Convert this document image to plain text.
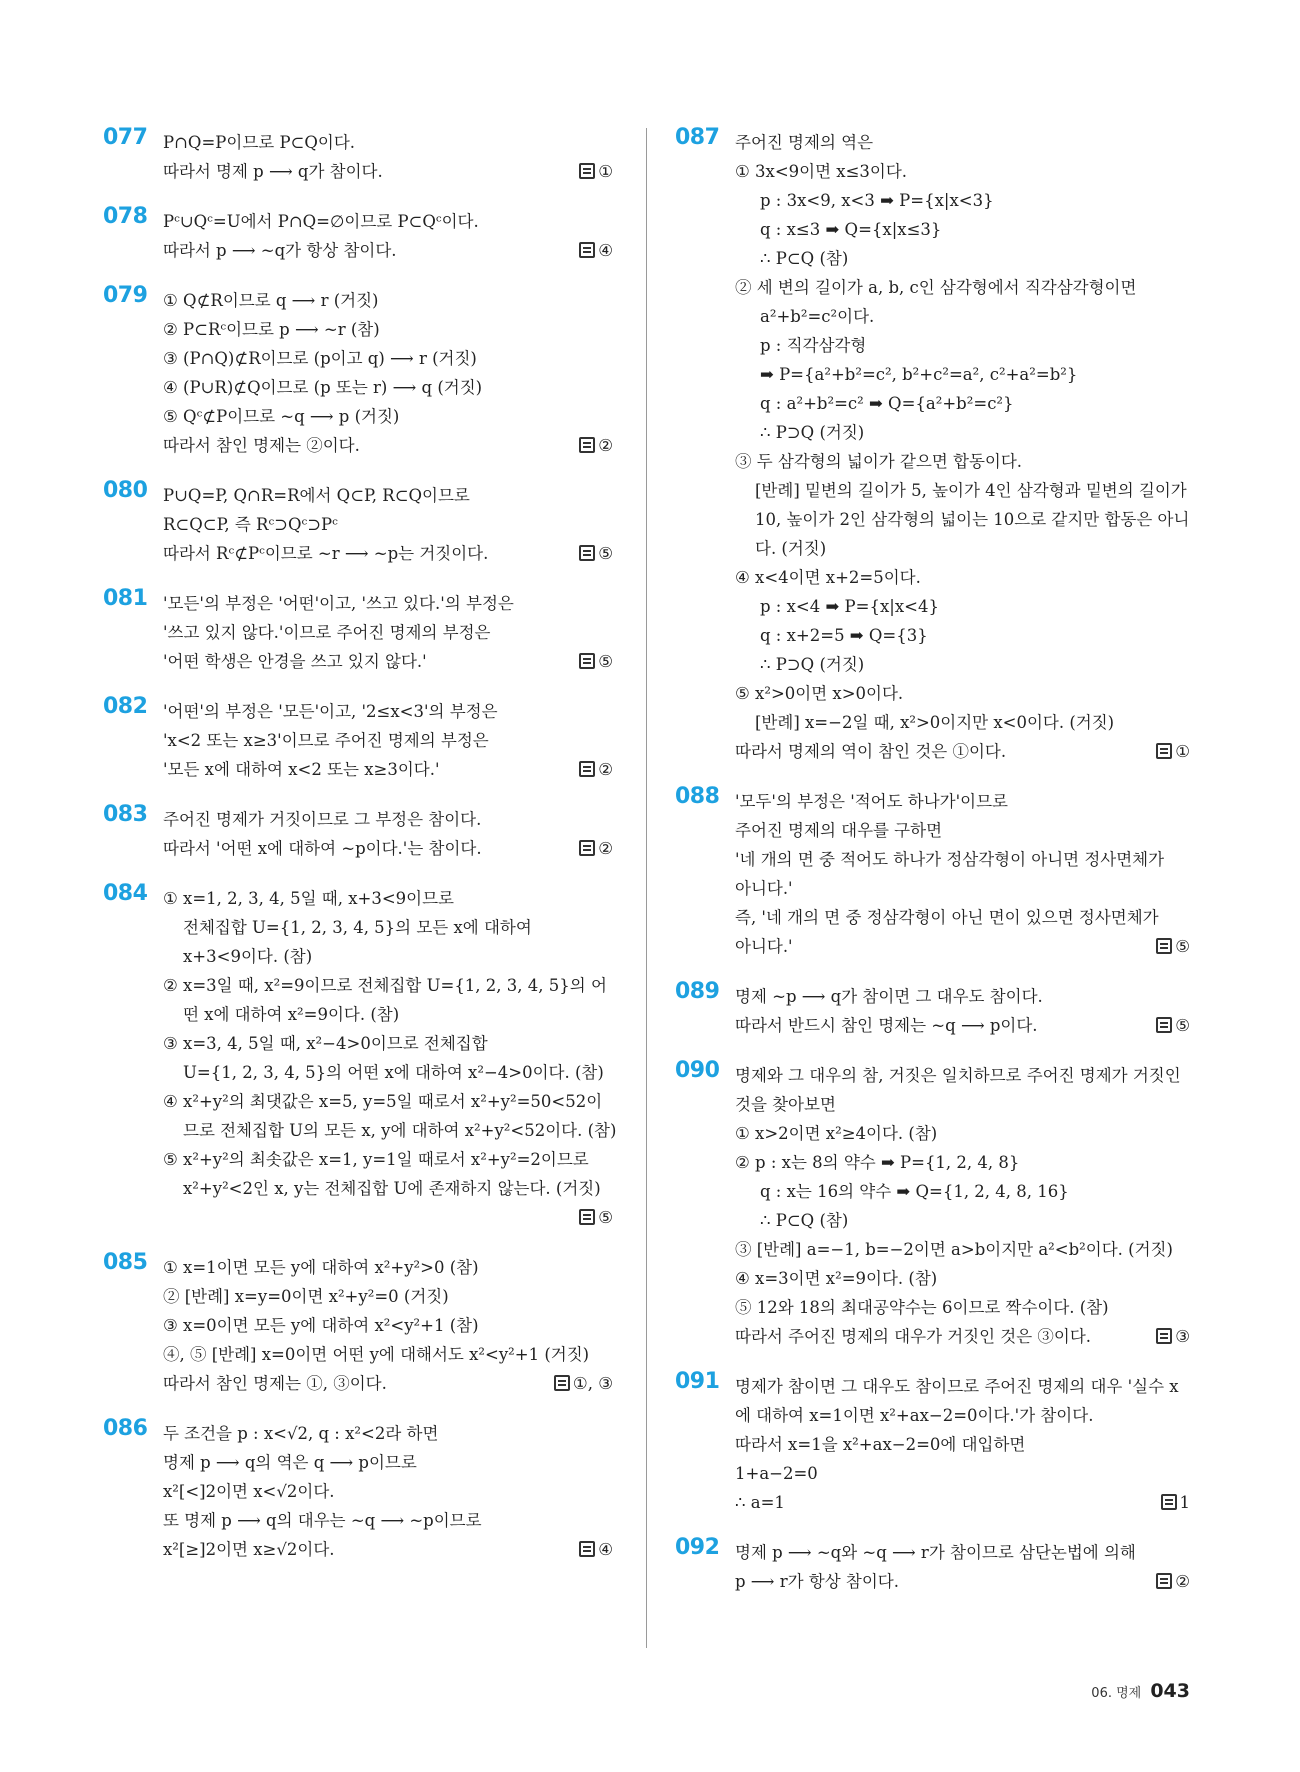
077 P∩Q=P이므로 P⊂Q이다.
따라서 명제 p ⟶ q가 참이다.	①
078 Pᶜ∪Qᶜ=U에서 P∩Q=∅이므로 P⊂Qᶜ이다.
따라서 p ⟶ ~q가 항상 참이다.	④
079 ① Q⊄R이므로 q ⟶ r (거짓)
② P⊂Rᶜ이므로 p ⟶ ~r (참)
③ (P∩Q)⊄R이므로 (p이고 q) ⟶ r (거짓)
④ (P∪R)⊄Q이므로 (p 또는 r) ⟶ q (거짓)
⑤ Qᶜ⊄P이므로 ~q ⟶ p (거짓)
따라서 참인 명제는 ②이다.	②
080 P∪Q=P, Q∩R=R에서 Q⊂P, R⊂Q이므로
R⊂Q⊂P, 즉 Rᶜ⊃Qᶜ⊃Pᶜ
따라서 Rᶜ⊄Pᶜ이므로 ~r ⟶ ~p는 거짓이다.	⑤
081 '모든'의 부정은 '어떤'이고, '쓰고 있다.'의 부정은
'쓰고 있지 않다.'이므로 주어진 명제의 부정은
'어떤 학생은 안경을 쓰고 있지 않다.'	⑤
082 '어떤'의 부정은 '모든'이고, '2≤x<3'의 부정은
'x<2 또는 x≥3'이므로 주어진 명제의 부정은
'모든 x에 대하여 x<2 또는 x≥3이다.'	②
083 주어진 명제가 거짓이므로 그 부정은 참이다.
따라서 '어떤 x에 대하여 ~p이다.'는 참이다.	②
084 ① x=1, 2, 3, 4, 5일 때, x+3<9이므로
전체집합 U={1, 2, 3, 4, 5}의 모든 x에 대하여
x+3<9이다. (참)
② x=3일 때, x²=9이므로 전체집합 U={1, 2, 3, 4, 5}의 어
떤 x에 대하여 x²=9이다. (참)
③ x=3, 4, 5일 때, x²−4>0이므로 전체집합
U={1, 2, 3, 4, 5}의 어떤 x에 대하여 x²−4>0이다. (참)
④ x²+y²의 최댓값은 x=5, y=5일 때로서 x²+y²=50<52이
므로 전체집합 U의 모든 x, y에 대하여 x²+y²<52이다. (참)
⑤ x²+y²의 최솟값은 x=1, y=1일 때로서 x²+y²=2이므로
x²+y²<2인 x, y는 전체집합 U에 존재하지 않는다. (거짓)
⑤
085 ① x=1이면 모든 y에 대하여 x²+y²>0 (참)
② [반례] x=y=0이면 x²+y²=0 (거짓)
③ x=0이면 모든 y에 대하여 x²<y²+1 (참)
④, ⑤ [반례] x=0이면 어떤 y에 대해서도 x²<y²+1 (거짓)
따라서 참인 명제는 ①, ③이다.	①, ③
086 두 조건을 p : x<√2, q : x²<2라 하면
명제 p ⟶ q의 역은 q ⟶ p이므로
x²[<]2이면 x<√2이다.
또 명제 p ⟶ q의 대우는 ~q ⟶ ~p이므로
x²[≥]2이면 x≥√2이다.	④
087 주어진 명제의 역은
① 3x<9이면 x≤3이다.
p : 3x<9, x<3 ➡ P={x|x<3}
q : x≤3 ➡ Q={x|x≤3}
∴ P⊂Q (참)
② 세 변의 길이가 a, b, c인 삼각형에서 직각삼각형이면
a²+b²=c²이다.
p : 직각삼각형
➡ P={a²+b²=c², b²+c²=a², c²+a²=b²}
q : a²+b²=c² ➡ Q={a²+b²=c²}
∴ P⊃Q (거짓)
③ 두 삼각형의 넓이가 같으면 합동이다.
[반례] 밑변의 길이가 5, 높이가 4인 삼각형과 밑변의 길이가
10, 높이가 2인 삼각형의 넓이는 10으로 같지만 합동은 아니
다. (거짓)
④ x<4이면 x+2=5이다.
p : x<4 ➡ P={x|x<4}
q : x+2=5 ➡ Q={3}
∴ P⊃Q (거짓)
⑤ x²>0이면 x>0이다.
[반례] x=−2일 때, x²>0이지만 x<0이다. (거짓)
따라서 명제의 역이 참인 것은 ①이다.	①
088 '모두'의 부정은 '적어도 하나가'이므로
주어진 명제의 대우를 구하면
'네 개의 면 중 적어도 하나가 정삼각형이 아니면 정사면체가
아니다.'
즉, '네 개의 면 중 정삼각형이 아닌 면이 있으면 정사면체가
아니다.'	⑤
089 명제 ~p ⟶ q가 참이면 그 대우도 참이다.
따라서 반드시 참인 명제는 ~q ⟶ p이다.	⑤
090 명제와 그 대우의 참, 거짓은 일치하므로 주어진 명제가 거짓인
것을 찾아보면
① x>2이면 x²≥4이다. (참)
② p : x는 8의 약수 ➡ P={1, 2, 4, 8}
q : x는 16의 약수 ➡ Q={1, 2, 4, 8, 16}
∴ P⊂Q (참)
③ [반례] a=−1, b=−2이면 a>b이지만 a²<b²이다. (거짓)
④ x=3이면 x²=9이다. (참)
⑤ 12와 18의 최대공약수는 6이므로 짝수이다. (참)
따라서 주어진 명제의 대우가 거짓인 것은 ③이다.	③
091 명제가 참이면 그 대우도 참이므로 주어진 명제의 대우 '실수 x
에 대하여 x=1이면 x²+ax−2=0이다.'가 참이다.
따라서 x=1을 x²+ax−2=0에 대입하면
1+a−2=0
∴ a=1	1
092 명제 p ⟶ ~q와 ~q ⟶ r가 참이므로 삼단논법에 의해
p ⟶ r가 항상 참이다.	②
06. 명제 043
